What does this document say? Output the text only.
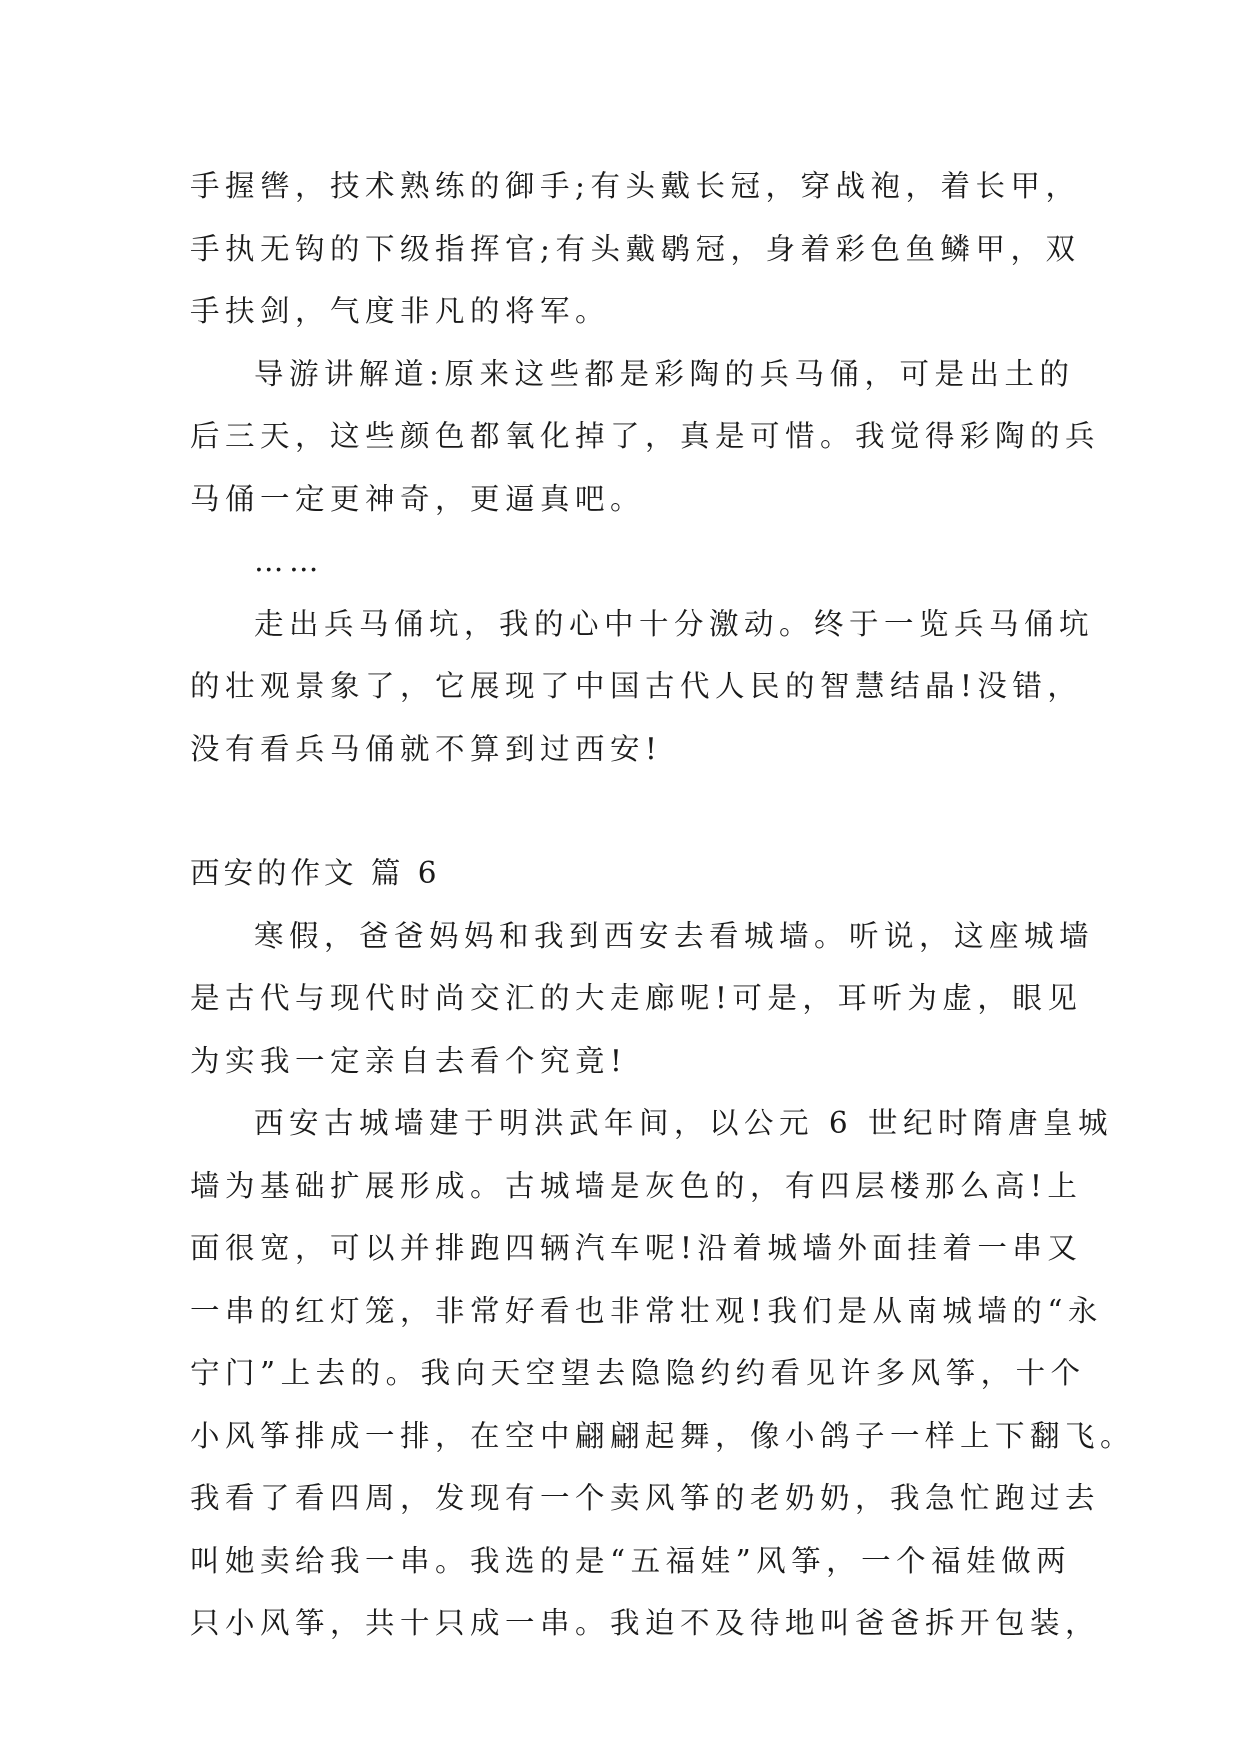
手握辔，技术熟练的御手;有头戴长冠，穿战袍，着长甲，
手执无钩的下级指挥官;有头戴鹖冠，身着彩色鱼鳞甲，双
手扶剑，气度非凡的将军。
导游讲解道:原来这些都是彩陶的兵马俑，可是出土的
后三天，这些颜色都氧化掉了，真是可惜。我觉得彩陶的兵
马俑一定更神奇，更逼真吧。
……
走出兵马俑坑，我的心中十分激动。终于一览兵马俑坑
的壮观景象了，它展现了中国古代人民的智慧结晶!没错，
没有看兵马俑就不算到过西安!
西安的作文 篇 6
寒假，爸爸妈妈和我到西安去看城墙。听说，这座城墙
是古代与现代时尚交汇的大走廊呢!可是，耳听为虚，眼见
为实我一定亲自去看个究竟!
西安古城墙建于明洪武年间，以公元 6 世纪时隋唐皇城
墙为基础扩展形成。古城墙是灰色的，有四层楼那么高!上
面很宽，可以并排跑四辆汽车呢!沿着城墙外面挂着一串又
一串的红灯笼，非常好看也非常壮观!我们是从南城墙的“永
宁门”上去的。我向天空望去隐隐约约看见许多风筝，十个
小风筝排成一排，在空中翩翩起舞，像小鸽子一样上下翻飞。
我看了看四周，发现有一个卖风筝的老奶奶，我急忙跑过去
叫她卖给我一串。我选的是“五福娃”风筝，一个福娃做两
只小风筝，共十只成一串。我迫不及待地叫爸爸拆开包装，
